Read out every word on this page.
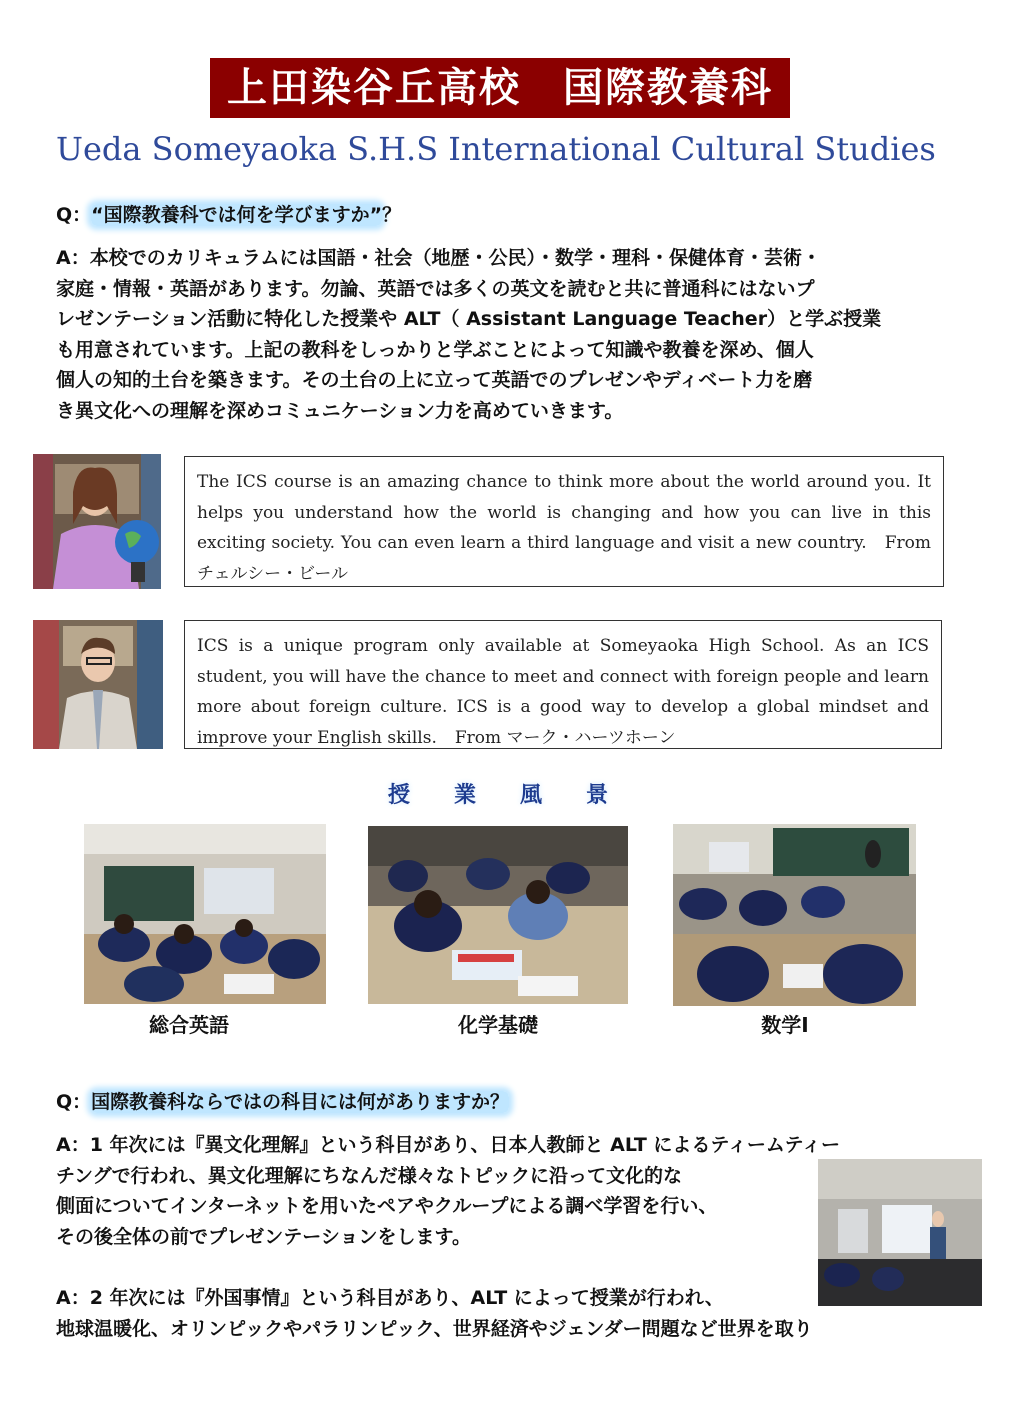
上田染谷丘高校　国際教養科
Ueda Someyaoka S.H.S International Cultural Studies
Q：“国際教養科では何を学びますか”？

A：本校でのカリキュラムには国語・社会（地歴・公民）・数学・理科・保健体育・芸術・

家庭・情報・英語があります。勿論、英語では多くの英文を読むと共に普通科にはないプ

レゼンテーション活動に特化した授業や ALT（ Assistant Language Teacher）と学ぶ授業

も用意されています。上記の教科をしっかりと学ぶことによって知識や教養を深め、個人

個人の知的土台を築きます。その土台の上に立って英語でのプレゼンやディベート力を磨

き異文化への理解を深めコミュニケーション力を高めていきます。

The ICS course is an amazing chance to think more about the world around you. It helps you understand how the world is changing and how you can live in this exciting society. You can even learn a third language and visit a new country. From チェルシー・ビール
ICS is a unique program only available at Someyaoka High School. As an ICS student, you will have the chance to meet and connect with foreign people and learn more about foreign culture. ICS is a good way to develop a global mindset and improve your English skills. From マーク・ハーツホーン
授業風景
総合英語	化学基礎	数学Ⅰ
Q：国際教養科ならではの科目には何がありますか？

A：1 年次には『異文化理解』という科目があり、日本人教師と ALT によるティームティー

チングで行われ、異文化理解にちなんだ様々なトピックに沿って文化的な

側面についてインターネットを用いたペアやクループによる調べ学習を行い、

その後全体の前でプレゼンテーションをします。

A：2 年次には『外国事情』という科目があり、ALT によって授業が行われ、

地球温暖化、オリンピックやパラリンピック、世界経済やジェンダー問題など世界を取り
